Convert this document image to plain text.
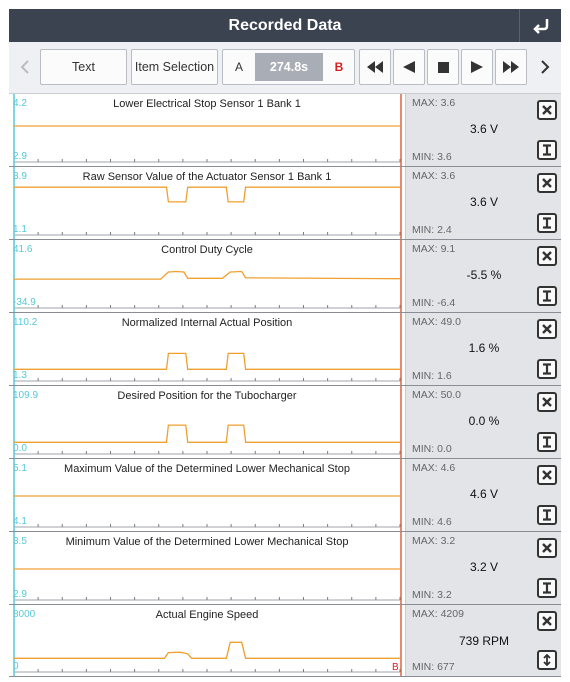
Recorded Data
Text	Item Selection	A	274.8s	B
Lower Electrical Stop Sensor 1 Bank 1
4.2
2.9
MAX: 3.6
3.6 V
MIN: 3.6
Raw Sensor Value of the Actuator Sensor 1 Bank 1
3.9
1.1
MAX: 3.6
3.6 V
MIN: 2.4
Control Duty Cycle
41.6
-34.9
MAX: 9.1
-5.5 %
MIN: -6.4
Normalized Internal Actual Position
110.2
1.3
MAX: 49.0
1.6 %
MIN: 1.6
Desired Position for the Tubocharger
109.9
0.0
MAX: 50.0
0.0 %
MIN: 0.0
Maximum Value of the Determined Lower Mechanical Stop
5.1
4.1
MAX: 4.6
4.6 V
MIN: 4.6
Minimum Value of the Determined Lower Mechanical Stop
3.5
2.9
MAX: 3.2
3.2 V
MIN: 3.2
Actual Engine Speed
8000
0	B
MAX: 4209
739 RPM
MIN: 677
